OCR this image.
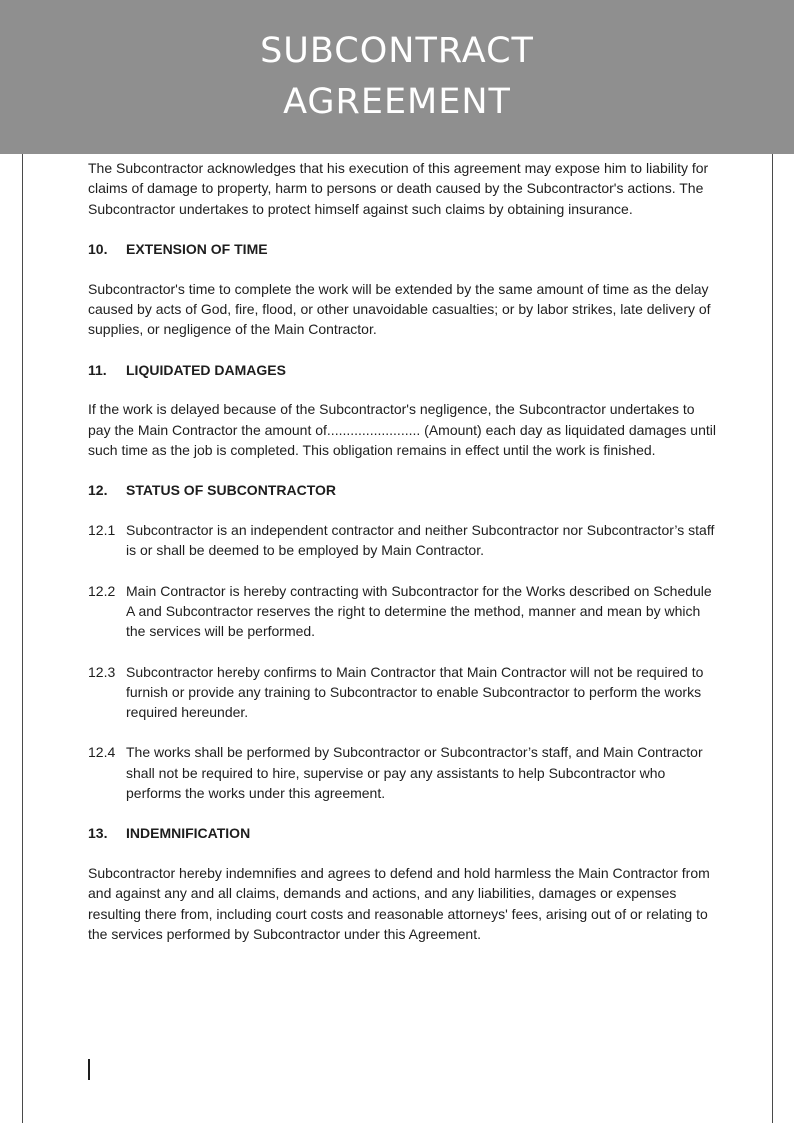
SUBCONTRACT AGREEMENT

The Subcontractor acknowledges that his execution of this agreement may expose him to liability for claims of damage to property, harm to persons or death caused by the Subcontractor's actions. The Subcontractor undertakes to protect himself against such claims by obtaining insurance.

10.	EXTENSION OF TIME

Subcontractor's time to complete the work will be extended by the same amount of time as the delay caused by acts of God, fire, flood, or other unavoidable casualties; or by labor strikes, late delivery of supplies, or negligence of the Main Contractor.

11.	LIQUIDATED DAMAGES

If the work is delayed because of the Subcontractor's negligence, the Subcontractor undertakes to pay the Main Contractor the amount of........................ (Amount) each day as liquidated damages until such time as the job is completed. This obligation remains in effect until the work is finished.

12.	STATUS OF SUBCONTRACTOR
12.1 Subcontractor is an independent contractor and neither Subcontractor nor Subcontractor’s staff is or shall be deemed to be employed by Main Contractor.
12.2 Main Contractor is hereby contracting with Subcontractor for the Works described on Schedule A and Subcontractor reserves the right to determine the method, manner and mean by which the services will be performed.
12.3 Subcontractor hereby confirms to Main Contractor that Main Contractor will not be required to furnish or provide any training to Subcontractor to enable Subcontractor to perform the works required hereunder.
12.4 The works shall be performed by Subcontractor or Subcontractor’s staff, and Main Contractor shall not be required to hire, supervise or pay any assistants to help Subcontractor who performs the works under this agreement.
13.	INDEMNIFICATION

Subcontractor hereby indemnifies and agrees to defend and hold harmless the Main Contractor from and against any and all claims, demands and actions, and any liabilities, damages or expenses resulting there from, including court costs and reasonable attorneys' fees, arising out of or relating to the services performed by Subcontractor under this Agreement.
